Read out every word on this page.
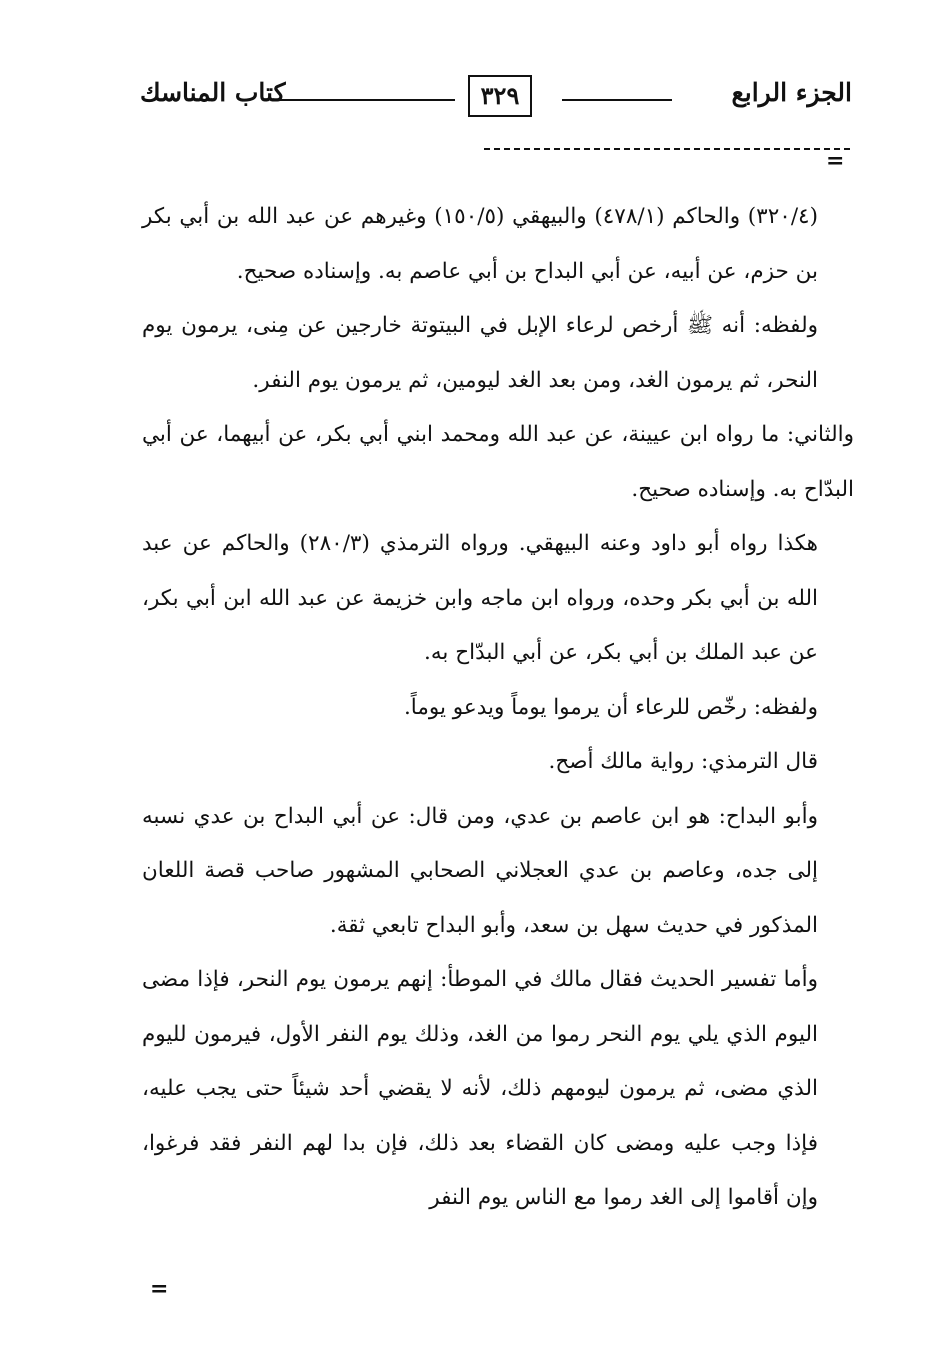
الجزء الرابع
٣٢٩
كتاب المناسك
=

(٣٢٠/٤) والحاكم (٤٧٨/١) والبيهقي (١٥٠/٥) وغيرهم عن عبد الله بن أبي بكر بن حزم، عن أبيه، عن أبي البداح بن أبي عاصم به. وإسناده صحيح.

ولفظه: أنه ﷺ أرخص لرعاء الإبل في البيتوتة خارجين عن مِنى، يرمون يوم النحر، ثم يرمون الغد، ومن بعد الغد ليومين، ثم يرمون يوم النفر.

والثاني: ما رواه ابن عيينة، عن عبد الله ومحمد ابني أبي بكر، عن أبيهما، عن أبي البدّاح به. وإسناده صحيح.

هكذا رواه أبو داود وعنه البيهقي. ورواه الترمذي (٢٨٠/٣) والحاكم عن عبد الله بن أبي بكر وحده، ورواه ابن ماجه وابن خزيمة عن عبد الله ابن أبي بكر، عن عبد الملك بن أبي بكر، عن أبي البدّاح به.

ولفظه: رخّص للرعاء أن يرموا يوماً ويدعو يوماً.

قال الترمذي: رواية مالك أصح.

وأبو البداح: هو ابن عاصم بن عدي، ومن قال: عن أبي البداح بن عدي نسبه إلى جده، وعاصم بن عدي العجلاني الصحابي المشهور صاحب قصة اللعان المذكور في حديث سهل بن سعد، وأبو البداح تابعي ثقة.

وأما تفسير الحديث فقال مالك في الموطأ: إنهم يرمون يوم النحر، فإذا مضى اليوم الذي يلي يوم النحر رموا من الغد، وذلك يوم النفر الأول، فيرمون لليوم الذي مضى، ثم يرمون ليومهم ذلك، لأنه لا يقضي أحد شيئاً حتى يجب عليه، فإذا وجب عليه ومضى كان القضاء بعد ذلك، فإن بدا لهم النفر فقد فرغوا، وإن أقاموا إلى الغد رموا مع الناس يوم النفر

=
